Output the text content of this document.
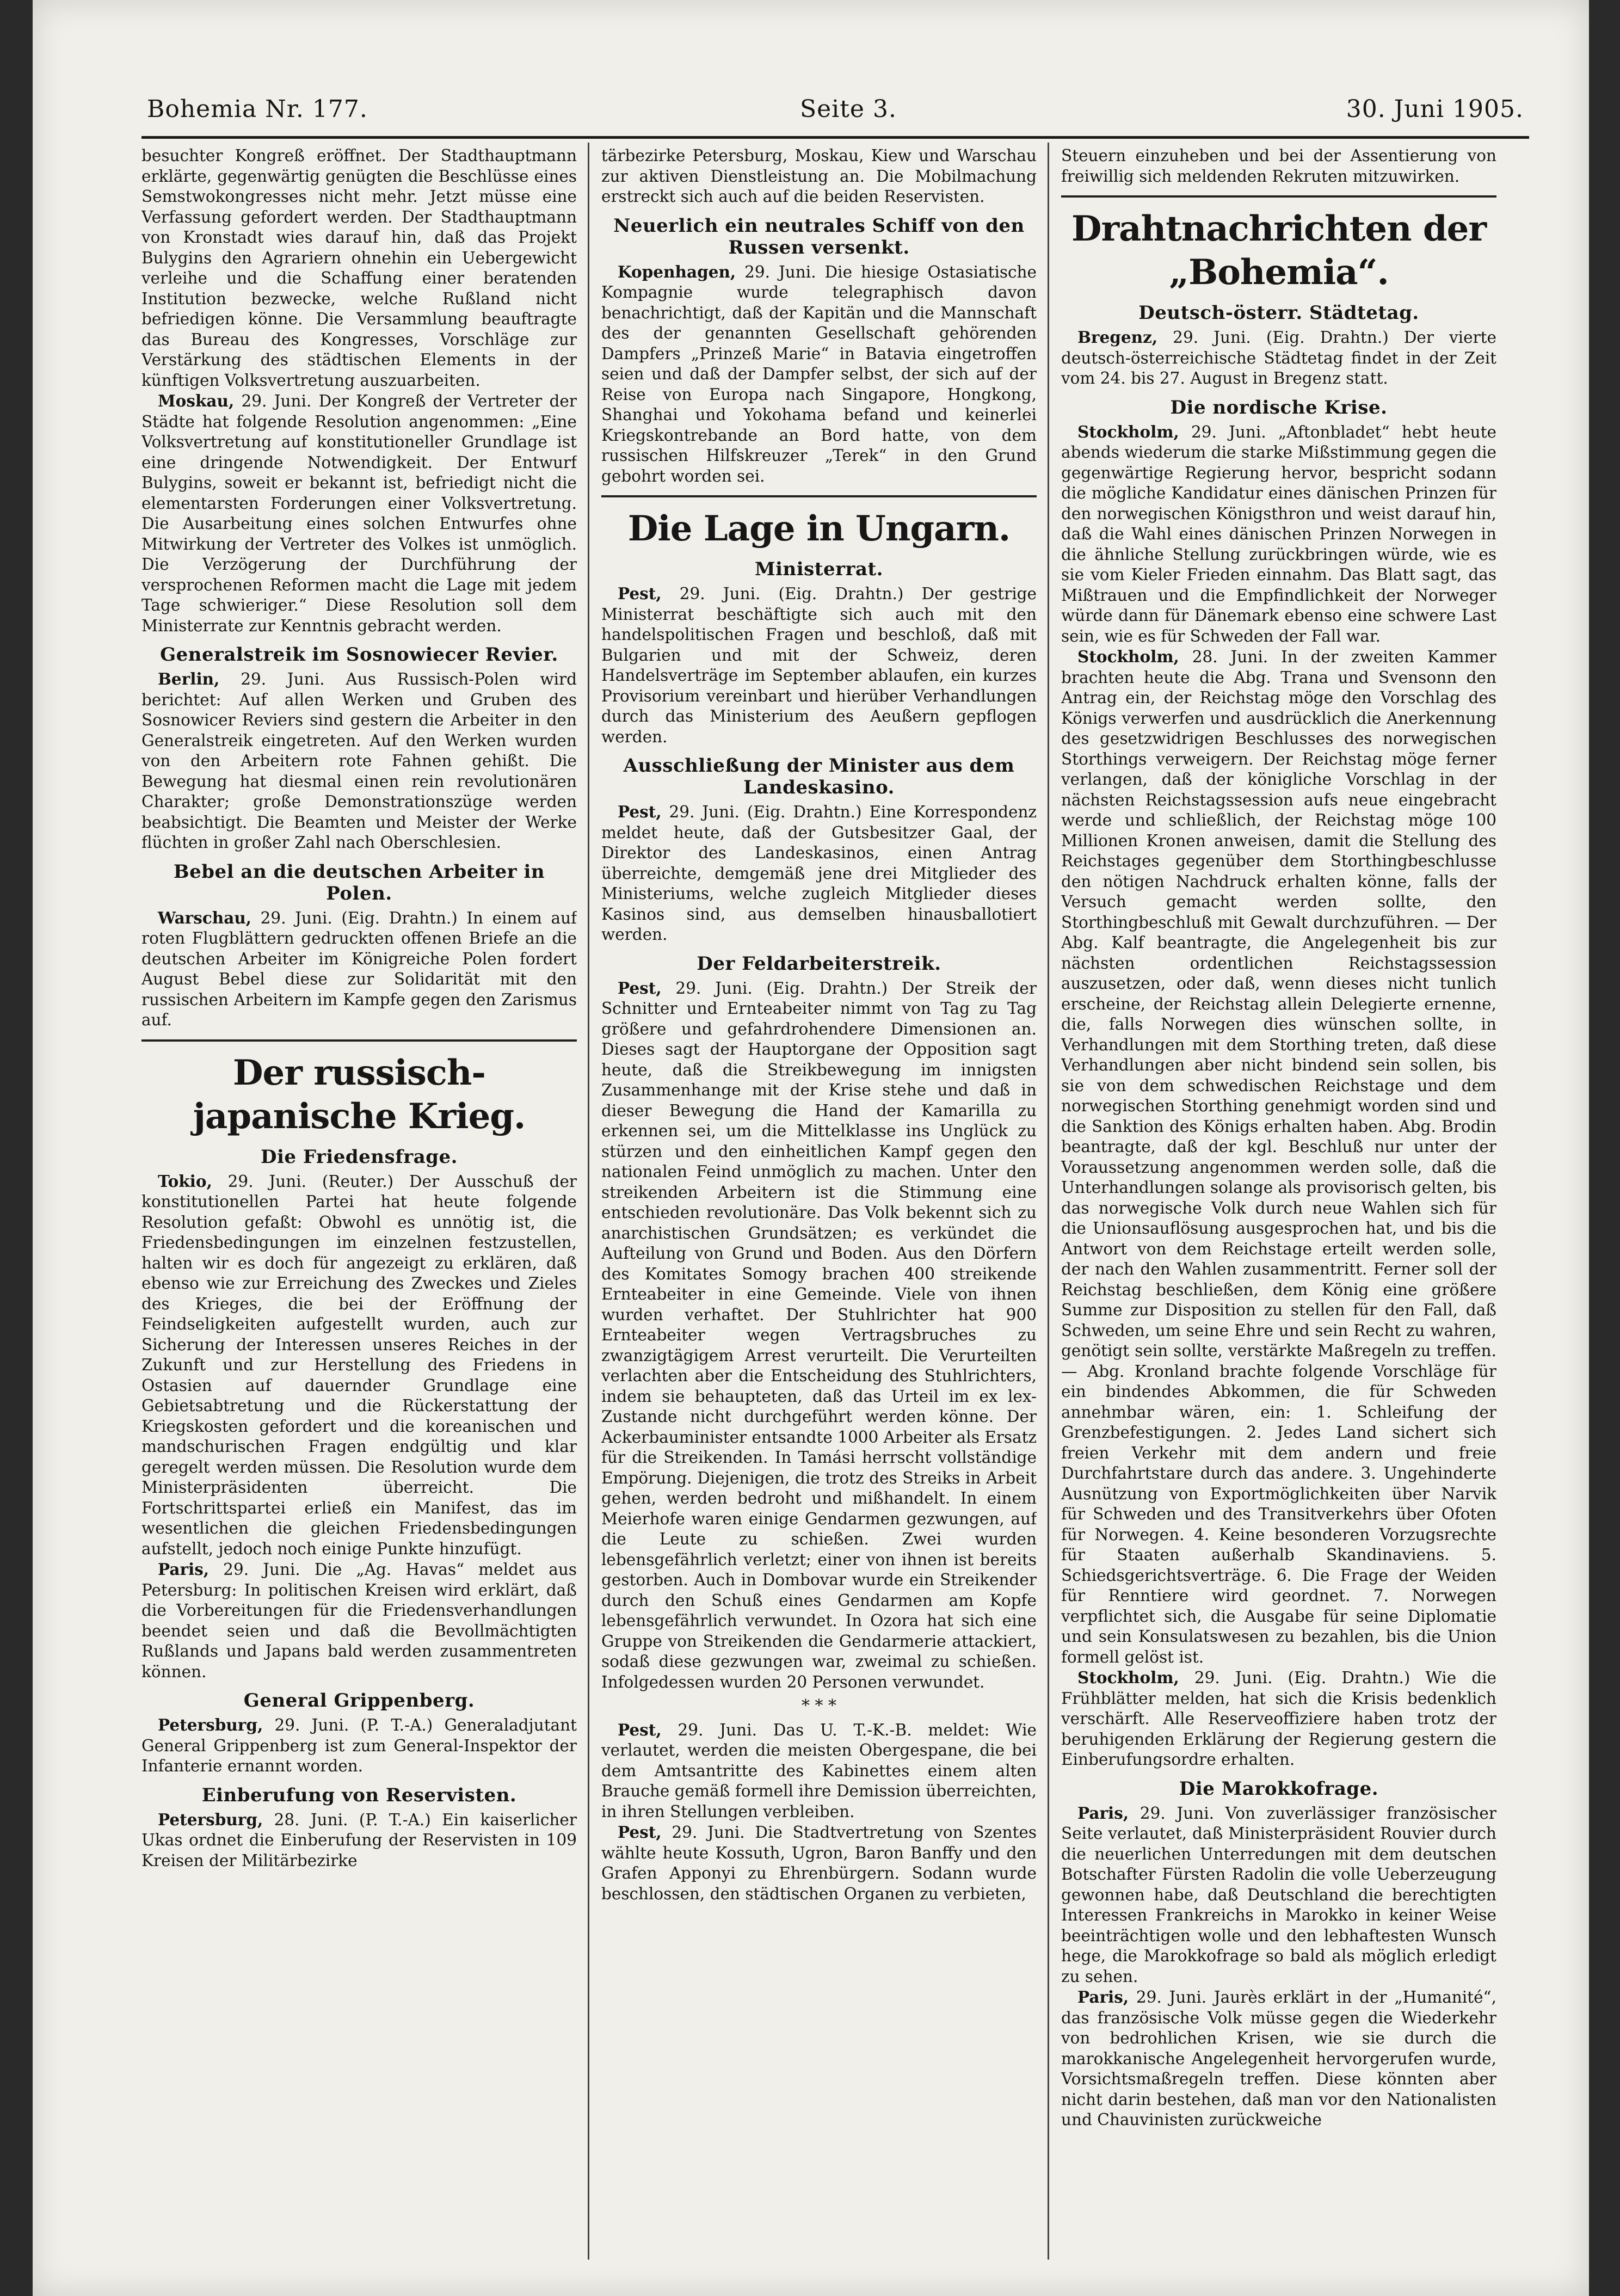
Bohemia Nr. 177.	Seite 3.	30. Juni 1905.

besuchter Kongreß eröffnet. Der Stadthauptmann erklärte, gegenwärtig genügten die Beschlüsse eines Semstwokongresses nicht mehr. Jetzt müsse eine Verfassung gefordert werden. Der Stadthauptmann von Kronstadt wies darauf hin, daß das Projekt Bulygins den Agrariern ohnehin ein Uebergewicht verleihe und die Schaffung einer beratenden Institution bezwecke, welche Rußland nicht befriedigen könne. Die Versammlung beauftragte das Bureau des Kongresses, Vorschläge zur Verstärkung des städtischen Elements in der künftigen Volksvertretung auszuarbeiten.

Moskau, 29. Juni. Der Kongreß der Vertreter der Städte hat folgende Resolution angenommen: „Eine Volksvertretung auf konstitutioneller Grundlage ist eine dringende Notwendigkeit. Der Entwurf Bulygins, soweit er bekannt ist, befriedigt nicht die elementarsten Forderungen einer Volksvertretung. Die Ausarbeitung eines solchen Entwurfes ohne Mitwirkung der Vertreter des Volkes ist unmöglich. Die Verzögerung der Durchführung der versprochenen Reformen macht die Lage mit jedem Tage schwieriger.“ Diese Resolution soll dem Ministerrate zur Kenntnis gebracht werden.

Generalstreik im Sosnowiecer Revier.

Berlin, 29. Juni. Aus Russisch-Polen wird berichtet: Auf allen Werken und Gruben des Sosnowicer Reviers sind gestern die Arbeiter in den Generalstreik eingetreten. Auf den Werken wurden von den Arbeitern rote Fahnen gehißt. Die Bewegung hat diesmal einen rein revolutionären Charakter; große Demonstrationszüge werden beabsichtigt. Die Beamten und Meister der Werke flüchten in großer Zahl nach Oberschlesien.

Bebel an die deutschen Arbeiter in Polen.

Warschau, 29. Juni. (Eig. Drahtn.) In einem auf roten Flugblättern gedruckten offenen Briefe an die deutschen Arbeiter im Königreiche Polen fordert August Bebel diese zur Solidarität mit den russischen Arbeitern im Kampfe gegen den Zarismus auf.

Der russisch-japanische Krieg.
Die Friedensfrage.

Tokio, 29. Juni. (Reuter.) Der Ausschuß der konstitutionellen Partei hat heute folgende Resolution gefaßt: Obwohl es unnötig ist, die Friedensbedingungen im einzelnen festzustellen, halten wir es doch für angezeigt zu erklären, daß ebenso wie zur Erreichung des Zweckes und Zieles des Krieges, die bei der Eröffnung der Feindseligkeiten aufgestellt wurden, auch zur Sicherung der Interessen unseres Reiches in der Zukunft und zur Herstellung des Friedens in Ostasien auf dauernder Grundlage eine Gebietsabtretung und die Rückerstattung der Kriegskosten gefordert und die koreanischen und mandschurischen Fragen endgültig und klar geregelt werden müssen. Die Resolution wurde dem Ministerpräsidenten überreicht. Die Fortschrittspartei erließ ein Manifest, das im wesentlichen die gleichen Friedensbedingungen aufstellt, jedoch noch einige Punkte hinzufügt.

Paris, 29. Juni. Die „Ag. Havas“ meldet aus Petersburg: In politischen Kreisen wird erklärt, daß die Vorbereitungen für die Friedensverhandlungen beendet seien und daß die Bevollmächtigten Rußlands und Japans bald werden zusammentreten können.

General Grippenberg.

Petersburg, 29. Juni. (P. T.-A.) Generaladjutant General Grippenberg ist zum General-Inspektor der Infanterie ernannt worden.

Einberufung von Reservisten.

Petersburg, 28. Juni. (P. T.-A.) Ein kaiserlicher Ukas ordnet die Einberufung der Reservisten in 109 Kreisen der Militärbezirke

tärbezirke Petersburg, Moskau, Kiew und Warschau zur aktiven Dienstleistung an. Die Mobilmachung erstreckt sich auch auf die beiden Reservisten.

Neuerlich ein neutrales Schiff von den Russen versenkt.

Kopenhagen, 29. Juni. Die hiesige Ostasiatische Kompagnie wurde telegraphisch davon benachrichtigt, daß der Kapitän und die Mannschaft des der genannten Gesellschaft gehörenden Dampfers „Prinzeß Marie“ in Batavia eingetroffen seien und daß der Dampfer selbst, der sich auf der Reise von Europa nach Singapore, Hongkong, Shanghai und Yokohama befand und keinerlei Kriegskontrebande an Bord hatte, von dem russischen Hilfskreuzer „Terek“ in den Grund gebohrt worden sei.

Die Lage in Ungarn.
Ministerrat.

Pest, 29. Juni. (Eig. Drahtn.) Der gestrige Ministerrat beschäftigte sich auch mit den handelspolitischen Fragen und beschloß, daß mit Bulgarien und mit der Schweiz, deren Handelsverträge im September ablaufen, ein kurzes Provisorium vereinbart und hierüber Verhandlungen durch das Ministerium des Aeußern gepflogen werden.

Ausschließung der Minister aus dem Landeskasino.

Pest, 29. Juni. (Eig. Drahtn.) Eine Korrespondenz meldet heute, daß der Gutsbesitzer Gaal, der Direktor des Landeskasinos, einen Antrag überreichte, demgemäß jene drei Mitglieder des Ministeriums, welche zugleich Mitglieder dieses Kasinos sind, aus demselben hinausballotiert werden.

Der Feldarbeiterstreik.

Pest, 29. Juni. (Eig. Drahtn.) Der Streik der Schnitter und Ernteabeiter nimmt von Tag zu Tag größere und gefahrdrohendere Dimensionen an. Dieses sagt der Hauptorgane der Opposition sagt heute, daß die Streikbewegung im innigsten Zusammenhange mit der Krise stehe und daß in dieser Bewegung die Hand der Kamarilla zu erkennen sei, um die Mittelklasse ins Unglück zu stürzen und den einheitlichen Kampf gegen den nationalen Feind unmöglich zu machen. Unter den streikenden Arbeitern ist die Stimmung eine entschieden revolutionäre. Das Volk bekennt sich zu anarchistischen Grundsätzen; es verkündet die Aufteilung von Grund und Boden. Aus den Dörfern des Komitates Somogy brachen 400 streikende Ernteabeiter in eine Gemeinde. Viele von ihnen wurden verhaftet. Der Stuhlrichter hat 900 Ernteabeiter wegen Vertragsbruches zu zwanzigtägigem Arrest verurteilt. Die Verurteilten verlachten aber die Entscheidung des Stuhlrichters, indem sie behaupteten, daß das Urteil im ex lex-Zustande nicht durchgeführt werden könne. Der Ackerbauminister entsandte 1000 Arbeiter als Ersatz für die Streikenden. In Tamási herrscht vollständige Empörung. Diejenigen, die trotz des Streiks in Arbeit gehen, werden bedroht und mißhandelt. In einem Meierhofe waren einige Gendarmen gezwungen, auf die Leute zu schießen. Zwei wurden lebensgefährlich verletzt; einer von ihnen ist bereits gestorben. Auch in Dombovar wurde ein Streikender durch den Schuß eines Gendarmen am Kopfe lebensgefährlich verwundet. In Ozora hat sich eine Gruppe von Streikenden die Gendarmerie attackiert, sodaß diese gezwungen war, zweimal zu schießen. Infolgedessen wurden 20 Personen verwundet.

* * *

Pest, 29. Juni. Das U. T.-K.-B. meldet: Wie verlautet, werden die meisten Obergespane, die bei dem Amtsantritte des Kabinettes einem alten Brauche gemäß formell ihre Demission überreichten, in ihren Stellungen verbleiben.

Pest, 29. Juni. Die Stadtvertretung von Szentes wählte heute Kossuth, Ugron, Baron Banffy und den Grafen Apponyi zu Ehrenbürgern. Sodann wurde beschlossen, den städtischen Organen zu verbieten,

Steuern einzuheben und bei der Assentierung von freiwillig sich meldenden Rekruten mitzuwirken.

Drahtnachrichten der „Bohemia“.
Deutsch-österr. Städtetag.

Bregenz, 29. Juni. (Eig. Drahtn.) Der vierte deutsch-österreichische Städtetag findet in der Zeit vom 24. bis 27. August in Bregenz statt.

Die nordische Krise.

Stockholm, 29. Juni. „Aftonbladet“ hebt heute abends wiederum die starke Mißstimmung gegen die gegenwärtige Regierung hervor, bespricht sodann die mögliche Kandidatur eines dänischen Prinzen für den norwegischen Königsthron und weist darauf hin, daß die Wahl eines dänischen Prinzen Norwegen in die ähnliche Stellung zurückbringen würde, wie es sie vom Kieler Frieden einnahm. Das Blatt sagt, das Mißtrauen und die Empfindlichkeit der Norweger würde dann für Dänemark ebenso eine schwere Last sein, wie es für Schweden der Fall war.

Stockholm, 28. Juni. In der zweiten Kammer brachten heute die Abg. Trana und Svensonn den Antrag ein, der Reichstag möge den Vorschlag des Königs verwerfen und ausdrücklich die Anerkennung des gesetzwidrigen Beschlusses des norwegischen Storthings verweigern. Der Reichstag möge ferner verlangen, daß der königliche Vorschlag in der nächsten Reichstagssession aufs neue eingebracht werde und schließlich, der Reichstag möge 100 Millionen Kronen anweisen, damit die Stellung des Reichstages gegenüber dem Storthingbeschlusse den nötigen Nachdruck erhalten könne, falls der Versuch gemacht werden sollte, den Storthingbeschluß mit Gewalt durchzuführen. — Der Abg. Kalf beantragte, die Angelegenheit bis zur nächsten ordentlichen Reichstagssession auszusetzen, oder daß, wenn dieses nicht tunlich erscheine, der Reichstag allein Delegierte ernenne, die, falls Norwegen dies wünschen sollte, in Verhandlungen mit dem Storthing treten, daß diese Verhandlungen aber nicht bindend sein sollen, bis sie von dem schwedischen Reichstage und dem norwegischen Storthing genehmigt worden sind und die Sanktion des Königs erhalten haben. Abg. Brodin beantragte, daß der kgl. Beschluß nur unter der Voraussetzung angenommen werden solle, daß die Unterhandlungen solange als provisorisch gelten, bis das norwegische Volk durch neue Wahlen sich für die Unionsauflösung ausgesprochen hat, und bis die Antwort von dem Reichstage erteilt werden solle, der nach den Wahlen zusammentritt. Ferner soll der Reichstag beschließen, dem König eine größere Summe zur Disposition zu stellen für den Fall, daß Schweden, um seine Ehre und sein Recht zu wahren, genötigt sein sollte, verstärkte Maßregeln zu treffen. — Abg. Kronland brachte folgende Vorschläge für ein bindendes Abkommen, die für Schweden annehmbar wären, ein: 1. Schleifung der Grenzbefestigungen. 2. Jedes Land sichert sich freien Verkehr mit dem andern und freie Durchfahrtstare durch das andere. 3. Ungehinderte Ausnützung von Exportmöglichkeiten über Narvik für Schweden und des Transitverkehrs über Ofoten für Norwegen. 4. Keine besonderen Vorzugsrechte für Staaten außerhalb Skandinaviens. 5. Schiedsgerichtsverträge. 6. Die Frage der Weiden für Renntiere wird geordnet. 7. Norwegen verpflichtet sich, die Ausgabe für seine Diplomatie und sein Konsulatswesen zu bezahlen, bis die Union formell gelöst ist.

Stockholm, 29. Juni. (Eig. Drahtn.) Wie die Frühblätter melden, hat sich die Krisis bedenklich verschärft. Alle Reserveoffiziere haben trotz der beruhigenden Erklärung der Regierung gestern die Einberufungsordre erhalten.

Die Marokkofrage.

Paris, 29. Juni. Von zuverlässiger französischer Seite verlautet, daß Ministerpräsident Rouvier durch die neuerlichen Unterredungen mit dem deutschen Botschafter Fürsten Radolin die volle Ueberzeugung gewonnen habe, daß Deutschland die berechtigten Interessen Frankreichs in Marokko in keiner Weise beeinträchtigen wolle und den lebhaftesten Wunsch hege, die Marokkofrage so bald als möglich erledigt zu sehen.

Paris, 29. Juni. Jaurès erklärt in der „Humanité“, das französische Volk müsse gegen die Wiederkehr von bedrohlichen Krisen, wie sie durch die marokkanische Angelegenheit hervorgerufen wurde, Vorsichtsmaßregeln treffen. Diese könnten aber nicht darin bestehen, daß man vor den Nationalisten und Chauvinisten zurückweiche
